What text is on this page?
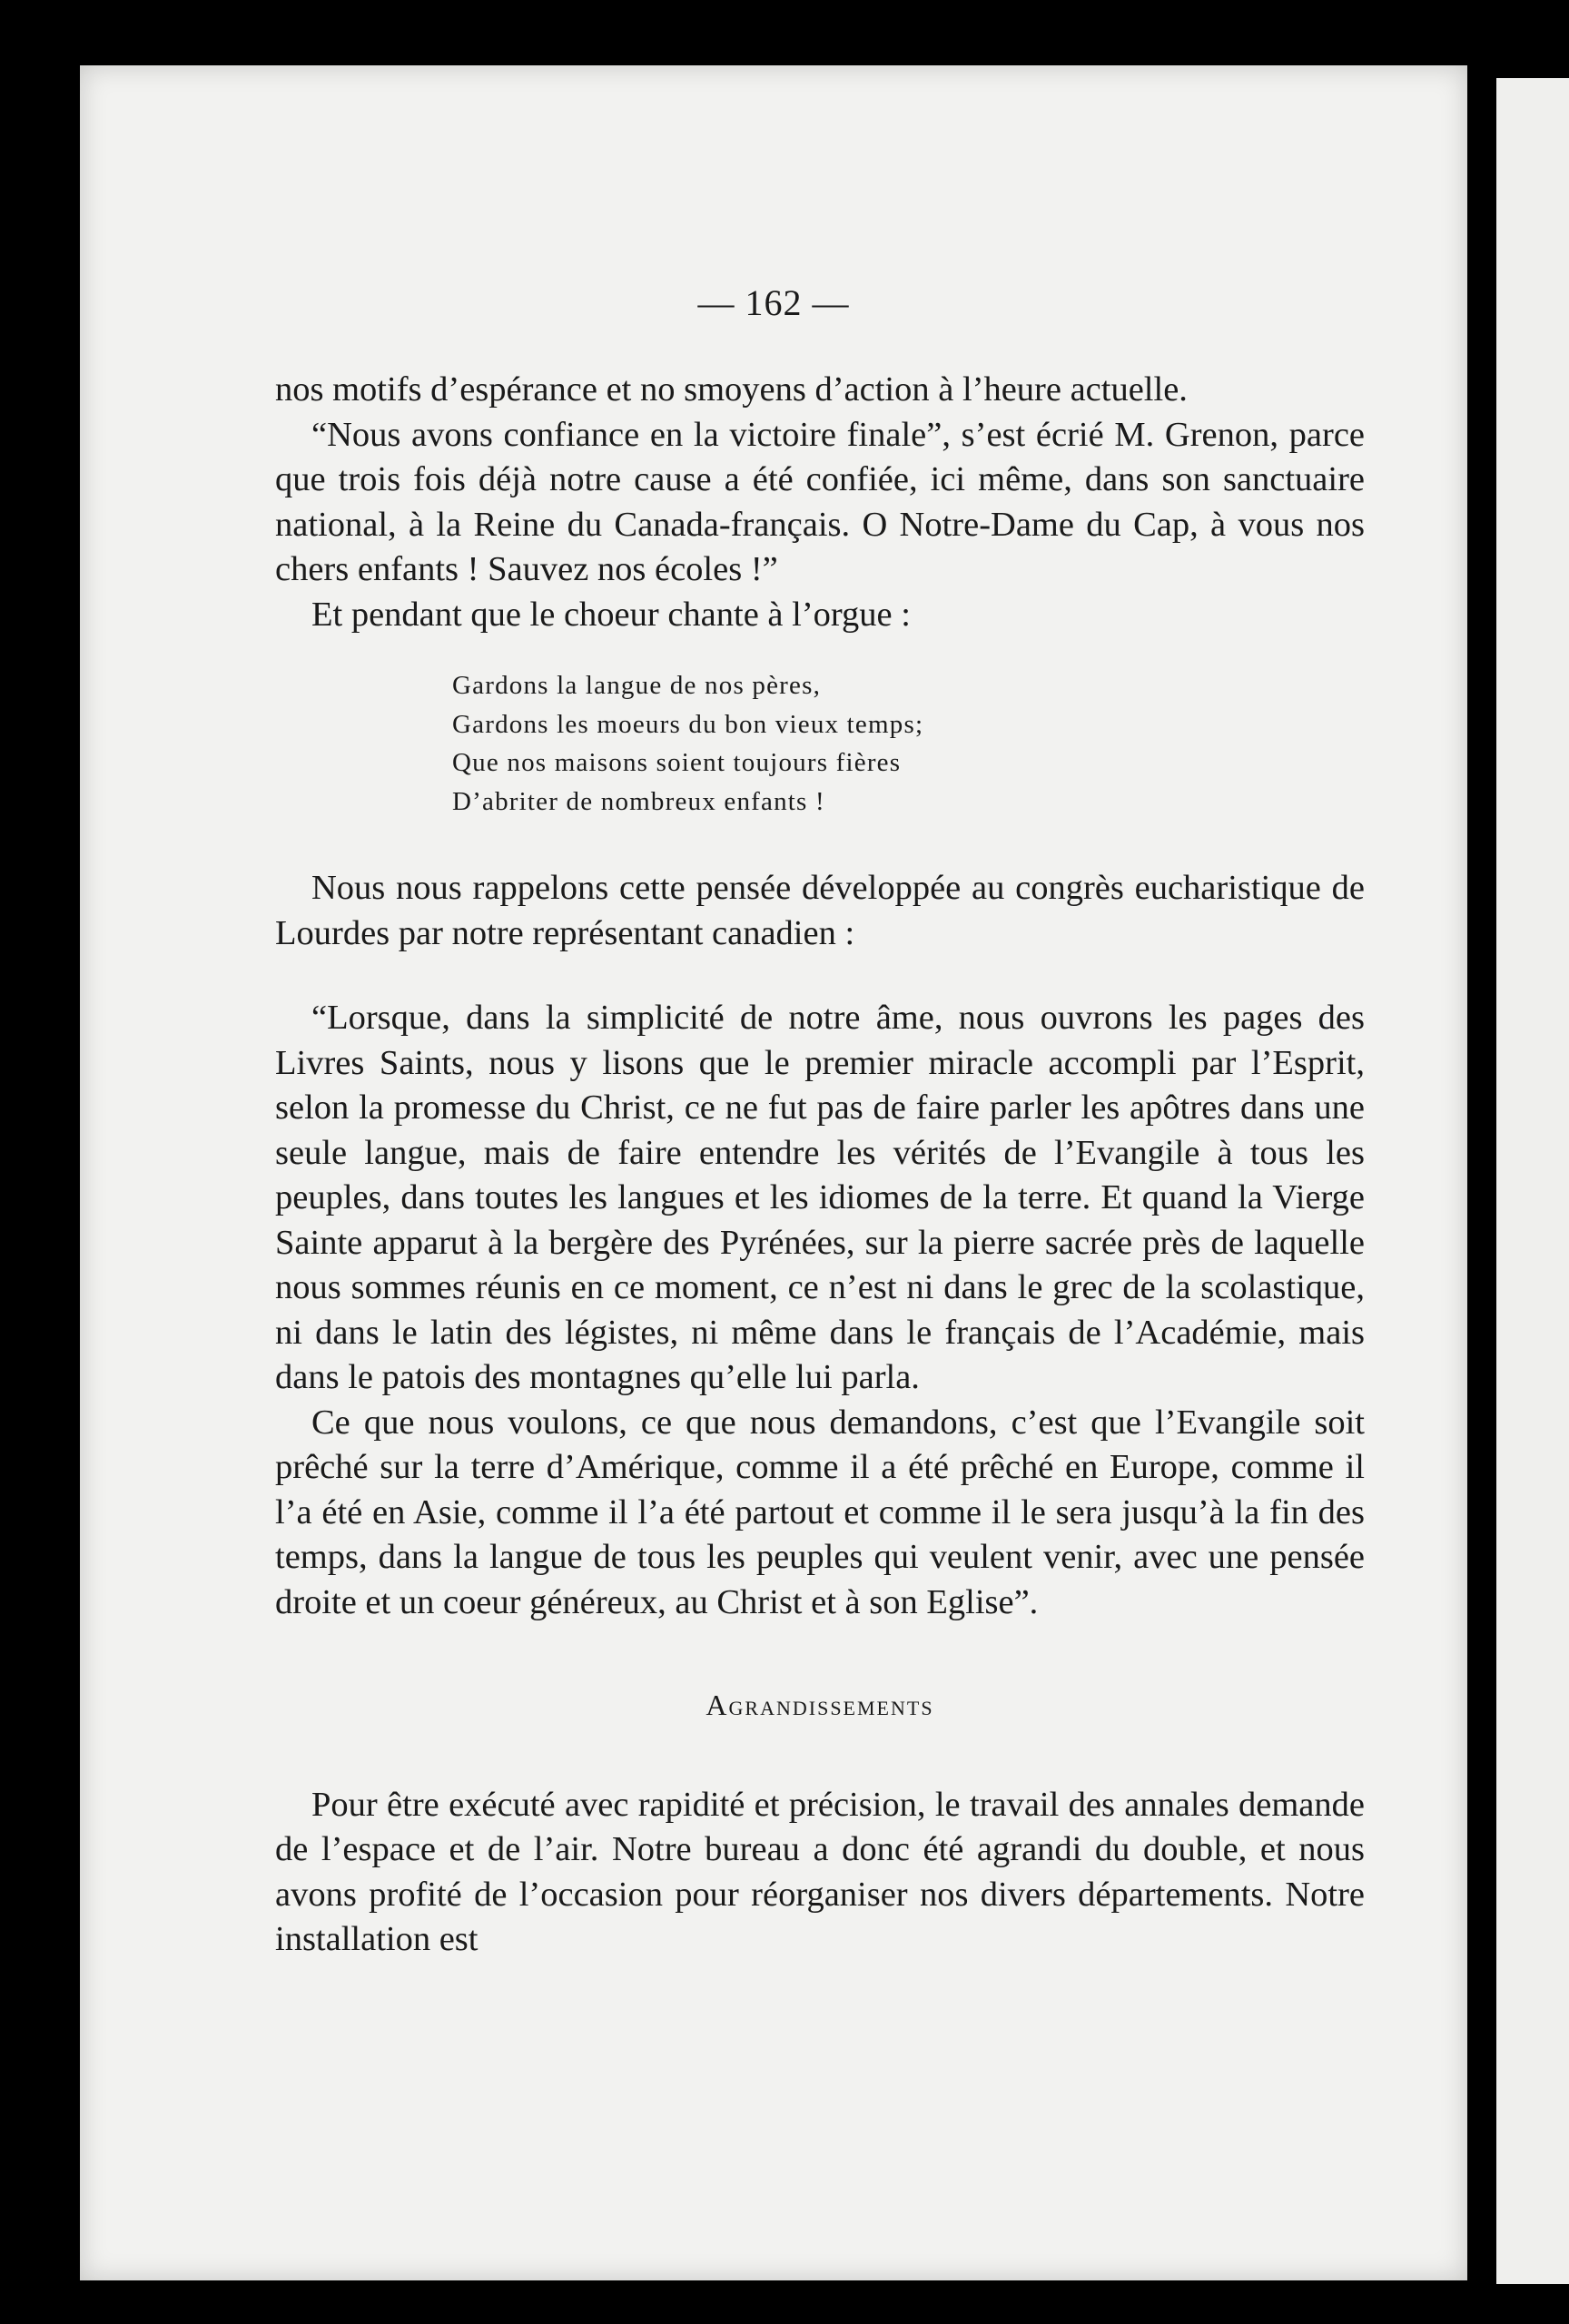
— 162 —

nos motifs d’espérance et no smoyens d’action à l’heure actuelle.

“Nous avons confiance en la victoire finale”, s’est écrié M. Grenon, parce que trois fois déjà notre cause a été confiée, ici même, dans son sanctuaire national, à la Reine du Canada-français. O Notre-Dame du Cap, à vous nos chers enfants ! Sauvez nos écoles !”

Et pendant que le choeur chante à l’orgue :

Gardons la langue de nos pères,
Gardons les moeurs du bon vieux temps;
Que nos maisons soient toujours fières
D’abriter de nombreux enfants !

Nous nous rappelons cette pensée développée au congrès eucharistique de Lourdes par notre représentant canadien :

“Lorsque, dans la simplicité de notre âme, nous ouvrons les pages des Livres Saints, nous y lisons que le premier miracle accompli par l’Esprit, selon la promesse du Christ, ce ne fut pas de faire parler les apôtres dans une seule langue, mais de faire entendre les vérités de l’Evangile à tous les peuples, dans toutes les langues et les idiomes de la terre. Et quand la Vierge Sainte apparut à la bergère des Pyrénées, sur la pierre sacrée près de laquelle nous sommes réunis en ce moment, ce n’est ni dans le grec de la scolastique, ni dans le latin des légistes, ni même dans le français de l’Académie, mais dans le patois des montagnes qu’elle lui parla.

Ce que nous voulons, ce que nous demandons, c’est que l’Evangile soit prêché sur la terre d’Amérique, comme il a été prêché en Europe, comme il l’a été en Asie, comme il l’a été partout et comme il le sera jusqu’à la fin des temps, dans la langue de tous les peuples qui veulent venir, avec une pensée droite et un coeur généreux, au Christ et à son Eglise”.

Agrandissements

Pour être exécuté avec rapidité et précision, le travail des annales demande de l’espace et de l’air. Notre bureau a donc été agrandi du double, et nous avons profité de l’occasion pour réorganiser nos divers départements. Notre installation est
